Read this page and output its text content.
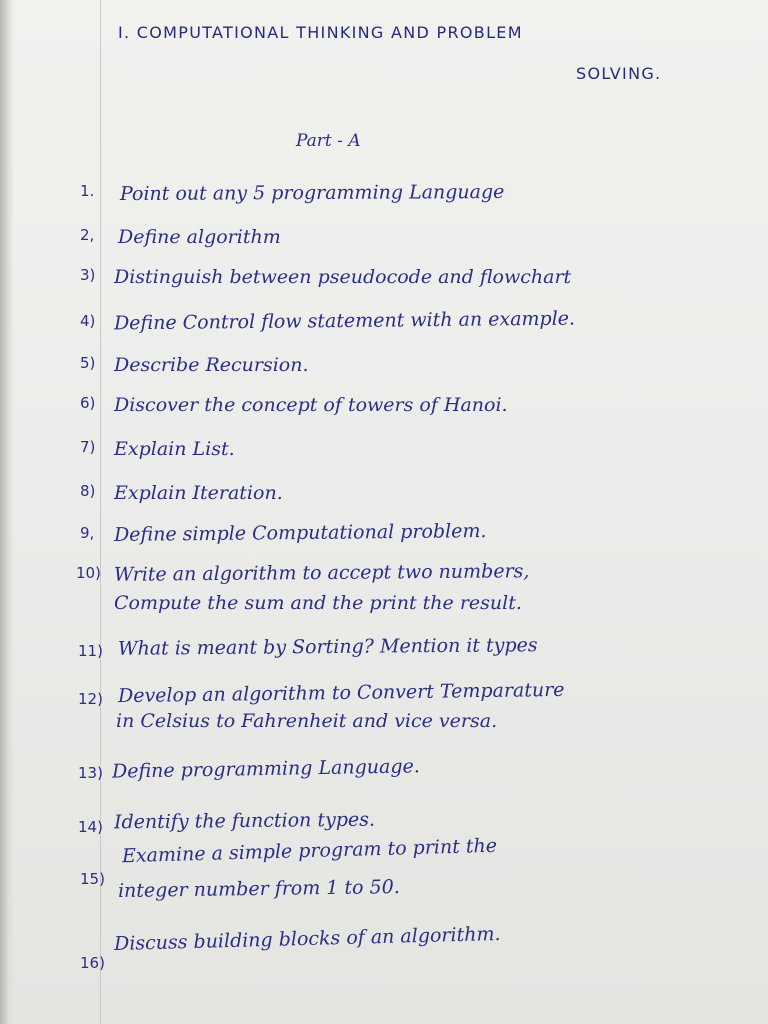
I. COMPUTATIONAL THINKING AND PROBLEM
SOLVING.
Part - A
1. Point out any 5 programming Language
2, Define algorithm
3) Distinguish between pseudocode and flowchart
4) Define Control flow statement with an example.
5) Describe Recursion.
6) Discover the concept of towers of Hanoi.
7) Explain List.
8) Explain Iteration.
9, Define simple Computational problem.
10) Write an algorithm to accept two numbers,
Compute the sum and the print the result.
11) What is meant by Sorting? Mention it types
12) Develop an algorithm to Convert Temparature
in Celsius to Fahrenheit and vice versa.
13) Define programming Language.
14) Identify the function types.
15)
Examine a simple program to print the
integer number from 1 to 50.
16)
Discuss building blocks of an algorithm.
